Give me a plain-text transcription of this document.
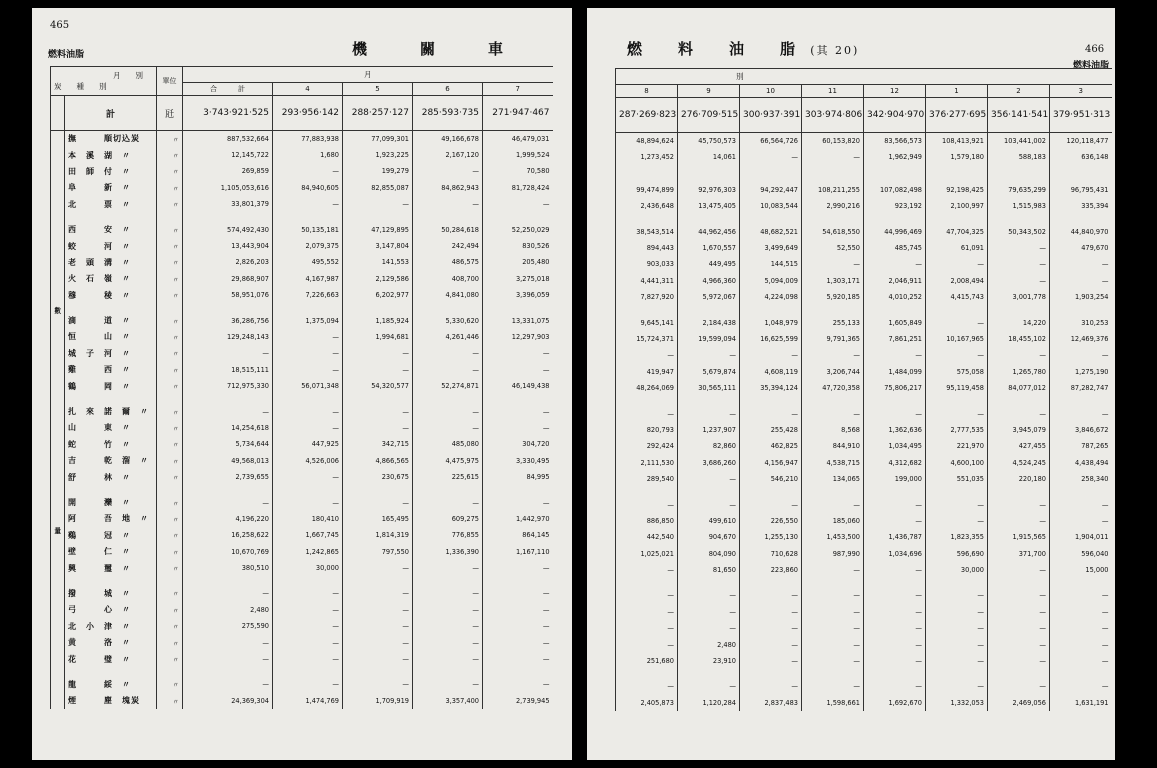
465
燃料油脂	機　　　關　　　車
月　　別
炭　　種　　別		單位	月				
			合　　　計	4	5	6	7
	計	瓩	3·743·921·525	293·956·142	288·257·127	285·593·735	271·947·467

數
量	撫　　　順切込炭	〃	887,532,664	77,883,938	77,099,301	49,166,678	46,479,031
	本　溪　湖　〃	〃	12,145,722	1,680	1,923,225	2,167,120	1,999,524
	田　師　付　〃	〃	269,859	—	199,279	—	70,580
	阜　　　新　〃	〃	1,105,053,616	84,940,605	82,855,087	84,862,943	81,728,424
	北　　　票　〃	〃	33,801,379	—	—	—	—

	西　　　安　〃	〃	574,492,430	50,135,181	47,129,895	50,284,618	52,250,029
	蛟　　　河　〃	〃	13,443,904	2,079,375	3,147,804	242,494	830,526
	老　頭　溝　〃	〃	2,826,203	495,552	141,553	486,575	205,480
	火　石　嶺　〃	〃	29,868,907	4,167,987	2,129,586	408,700	3,275,018
	穆　　　稜　〃	〃	58,951,076	7,226,663	6,202,977	4,841,080	3,396,059

	滴　　　道　〃	〃	36,286,756	1,375,094	1,185,924	5,330,620	13,331,075
	恒　　　山　〃	〃	129,248,143	—	1,994,681	4,261,446	12,297,903
	城　子　河　〃	〃	—	—	—	—	—
	雞　　　西　〃	〃	18,515,111	—	—	—	—
	鶴　　　岡　〃	〃	712,975,330	56,071,348	54,320,577	52,274,871	46,149,438

	扎　來　諾　爾　〃	〃	—	—	—	—	—
	山　　　東　〃	〃	14,254,618	—	—	—	—
	蛇　　　竹　〃	〃	5,734,644	447,925	342,715	485,080	304,720
	吉　　　乾　溜　〃	〃	49,568,013	4,526,006	4,866,565	4,475,975	3,330,495
	舒　　　林　〃	〃	2,739,655	—	230,675	225,615	84,995

	開　　　灤　〃	〃	—	—	—	—	—
	阿　　　吾　地　〃	〃	4,196,220	180,410	165,495	609,275	1,442,970
	鷄　　　冠　〃	〃	16,258,622	1,667,745	1,814,319	776,855	864,145
	壁　　　仁　〃	〃	10,670,769	1,242,865	797,550	1,336,390	1,167,110
	興　　　璽　〃	〃	380,510	30,000	—	—	—

	撥　　　城　〃	〃	—	—	—	—	—
	弓　　　心　〃	〃	2,480	—	—	—	—
	北　小　津　〃	〃	275,590	—	—	—	—
	黄　　　洛　〃	〃	—	—	—	—	—
	花　　　璧　〃	〃	—	—	—	—	—

	龍　　　綏　〃	〃	—	—	—	—	—
	煙　　　塵　塊炭	〃	24,369,304	1,474,769	1,709,919	3,357,400	2,739,945
燃　　料　　油　　脂 (其 20)	466
燃料油脂
別							
8	9	10	11	12	1	2	3
287·269·823	276·709·515	300·937·391	303·974·806	342·904·970	376·277·695	356·141·541	379·951·313
48,894,624	45,750,573	66,564,726	60,153,820	83,566,573	108,413,921	103,441,002	120,118,477
1,273,452	14,061	—	—	1,962,949	1,579,180	588,183	636,148

99,474,899	92,976,303	94,292,447	108,211,255	107,082,498	92,198,425	79,635,299	96,795,431
2,436,648	13,475,405	10,083,544	2,990,216	923,192	2,100,997	1,515,983	335,394

38,543,514	44,962,456	48,682,521	54,618,550	44,996,469	47,704,325	50,343,502	44,840,970
894,443	1,670,557	3,499,649	52,550	485,745	61,091	—	479,670
903,033	449,495	144,515	—	—	—	—	—
4,441,311	4,966,360	5,094,009	1,303,171	2,046,911	2,008,494	—	—
7,827,920	5,972,067	4,224,098	5,920,185	4,010,252	4,415,743	3,001,778	1,903,254

9,645,141	2,184,438	1,048,979	255,133	1,605,849	—	14,220	310,253
15,724,371	19,599,094	16,625,599	9,791,365	7,861,251	10,167,965	18,455,102	12,469,376
—	—	—	—	—	—	—	—
419,947	5,679,874	4,608,119	3,206,744	1,484,099	575,058	1,265,780	1,275,190
48,264,069	30,565,111	35,394,124	47,720,358	75,806,217	95,119,458	84,077,012	87,282,747

—	—	—	—	—	—	—	—
820,793	1,237,907	255,428	8,568	1,362,636	2,777,535	3,945,079	3,846,672
292,424	82,860	462,825	844,910	1,034,495	221,970	427,455	787,265
2,111,530	3,686,260	4,156,947	4,538,715	4,312,682	4,600,100	4,524,245	4,438,494
289,540	—	546,210	134,065	199,000	551,035	220,180	258,340

—	—	—	—	—	—	—	—
886,850	499,610	226,550	185,060	—	—	—	—
442,540	904,670	1,255,130	1,453,500	1,436,787	1,823,355	1,915,565	1,904,011
1,025,021	804,090	710,628	987,990	1,034,696	596,690	371,700	596,040
—	81,650	223,860	—	—	30,000	—	15,000

—	—	—	—	—	—	—	—
—	—	—	—	—	—	—	—
—	—	—	—	—	—	—	—
—	2,480	—	—	—	—	—	—
251,680	23,910	—	—	—	—	—	—

—	—	—	—	—	—	—	—
2,405,873	1,120,284	2,837,483	1,598,661	1,692,670	1,332,053	2,469,056	1,631,191
